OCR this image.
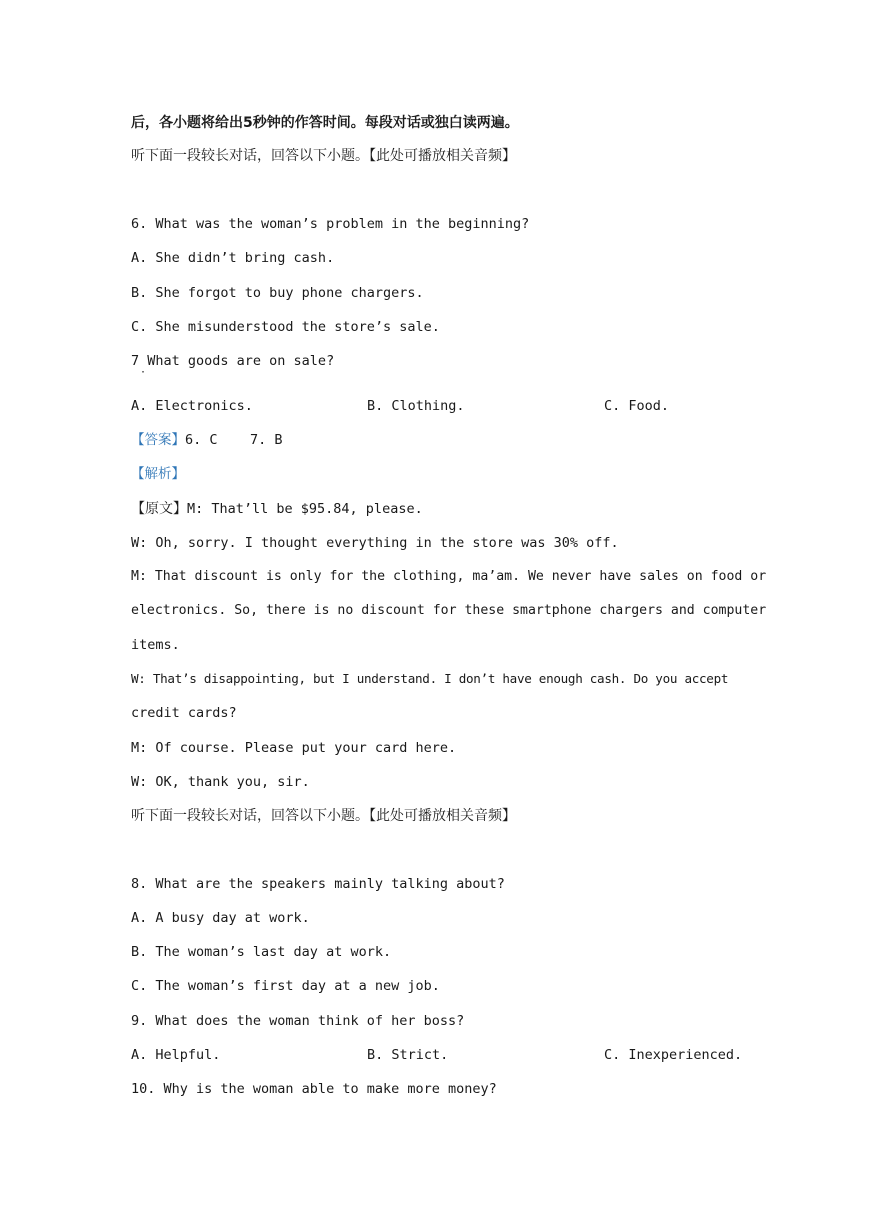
后，各小题将给出5秒钟的作答时间。每段对话或独白读两遍。
听下面一段较长对话，回答以下小题。【此处可播放相关音频】
6. What was the woman’s problem in the beginning?
A. She didn’t bring cash.
B. She forgot to buy phone chargers.
C. She misunderstood the store’s sale.
7 What goods are on sale?
·
A. Electronics.	B. Clothing.	C. Food.
【答案】6. C    7. B
【解析】
【原文】M: That’ll be $95.84, please.
W: Oh, sorry. I thought everything in the store was 30% off.
M: That discount is only for the clothing, ma’am. We never have sales on food or
electronics. So, there is no discount for these smartphone chargers and computer
items.
W: That’s disappointing, but I understand. I don’t have enough cash. Do you accept
credit cards?
M: Of course. Please put your card here.
W: OK, thank you, sir.
听下面一段较长对话，回答以下小题。【此处可播放相关音频】
8. What are the speakers mainly talking about?
A. A busy day at work.
B. The woman’s last day at work.
C. The woman’s first day at a new job.
9. What does the woman think of her boss?
A. Helpful.	B. Strict.	C. Inexperienced.
10. Why is the woman able to make more money?
